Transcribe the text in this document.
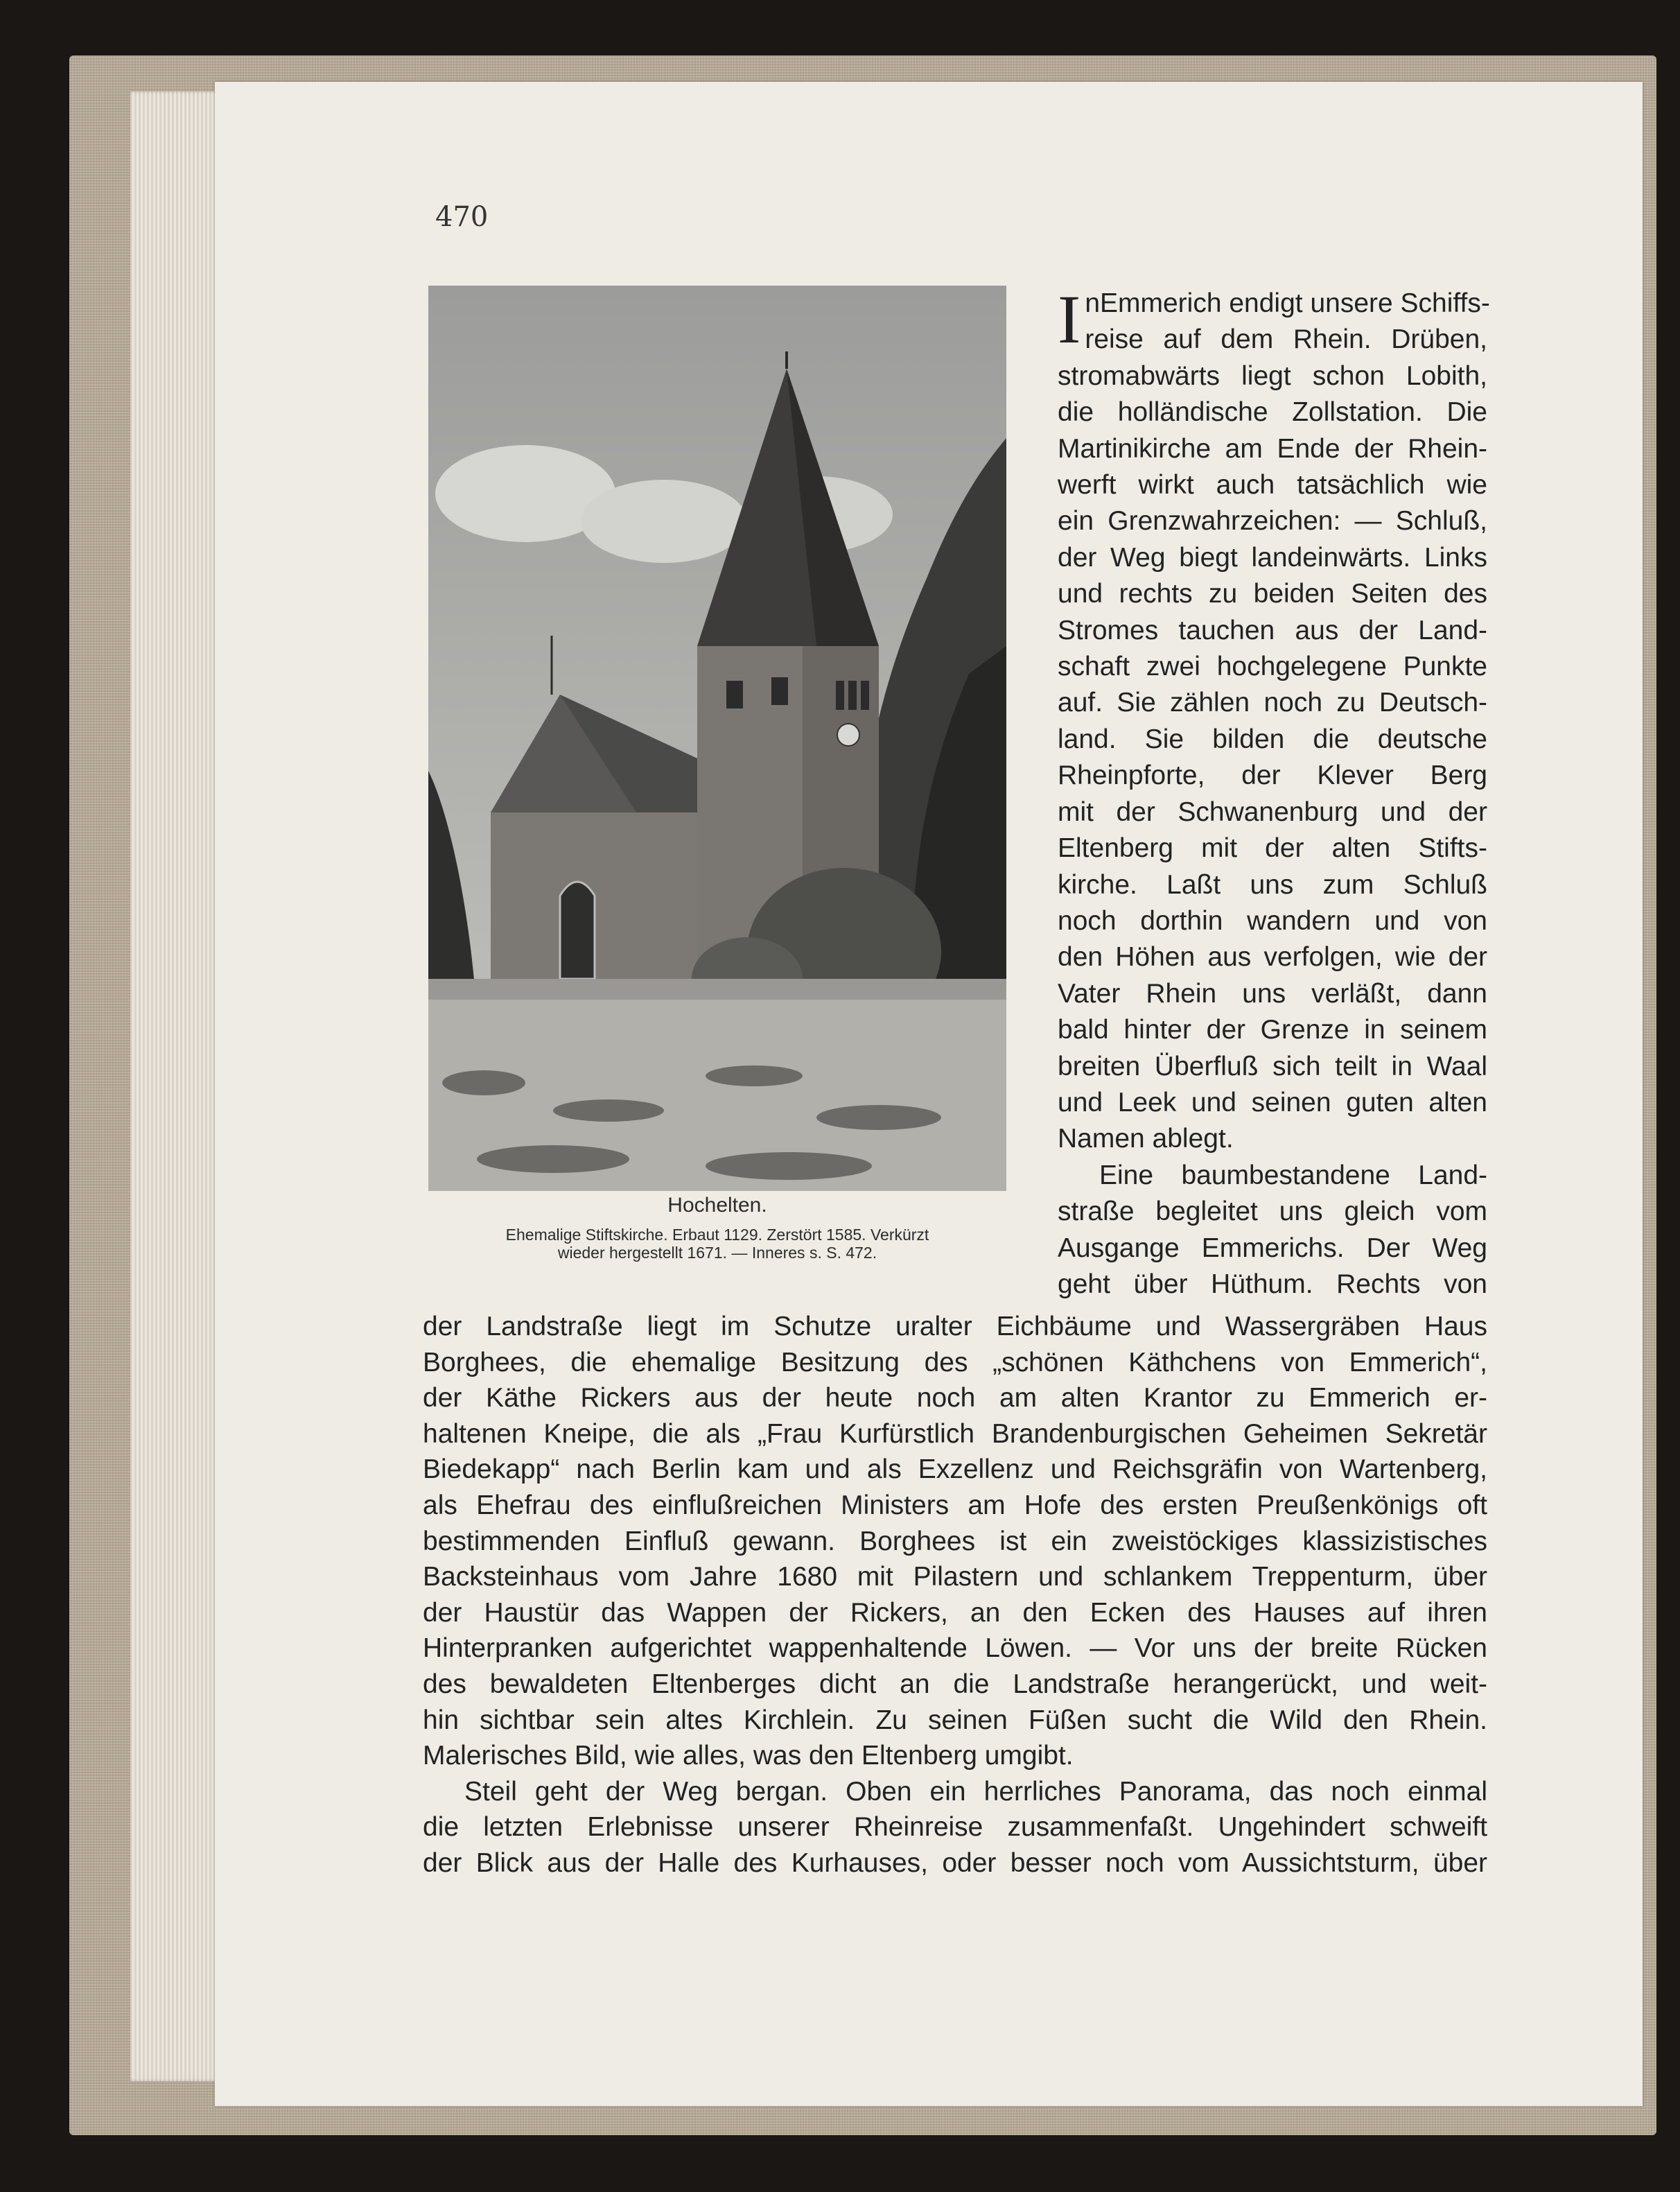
470
Hochelten.
Ehemalige Stiftskirche. Erbaut 1129. Zerstört 1585. Verkürzt
wieder hergestellt 1671. — Inneres s. S. 472.
I nEmmerich endigt unsere Schiffs-
reise auf dem Rhein. Drüben,
stromabwärts liegt schon Lobith,
die holländische Zollstation. Die
Martinikirche am Ende der Rhein-
werft wirkt auch tatsächlich wie
ein Grenzwahrzeichen: — Schluß,
der Weg biegt landeinwärts. Links
und rechts zu beiden Seiten des
Stromes tauchen aus der Land-
schaft zwei hochgelegene Punkte
auf. Sie zählen noch zu Deutsch-
land. Sie bilden die deutsche
Rheinpforte, der Klever Berg
mit der Schwanenburg und der
Eltenberg mit der alten Stifts-
kirche. Laßt uns zum Schluß
noch dorthin wandern und von
den Höhen aus verfolgen, wie der
Vater Rhein uns verläßt, dann
bald hinter der Grenze in seinem
breiten Überfluß sich teilt in Waal
und Leek und seinen guten alten
Namen ablegt.
Eine baumbestandene Land-
straße begleitet uns gleich vom
Ausgange Emmerichs. Der Weg
geht über Hüthum. Rechts von
der Landstraße liegt im Schutze uralter Eichbäume und Wassergräben Haus
Borghees, die ehemalige Besitzung des „schönen Käthchens von Emmerich“,
der Käthe Rickers aus der heute noch am alten Krantor zu Emmerich er-
haltenen Kneipe, die als „Frau Kurfürstlich Brandenburgischen Geheimen Sekretär
Biedekapp“ nach Berlin kam und als Exzellenz und Reichsgräfin von Wartenberg,
als Ehefrau des einflußreichen Ministers am Hofe des ersten Preußenkönigs oft
bestimmenden Einfluß gewann. Borghees ist ein zweistöckiges klassizistisches
Backsteinhaus vom Jahre 1680 mit Pilastern und schlankem Treppenturm, über
der Haustür das Wappen der Rickers, an den Ecken des Hauses auf ihren
Hinterpranken aufgerichtet wappenhaltende Löwen. — Vor uns der breite Rücken
des bewaldeten Eltenberges dicht an die Landstraße herangerückt, und weit-
hin sichtbar sein altes Kirchlein. Zu seinen Füßen sucht die Wild den Rhein.
Malerisches Bild, wie alles, was den Eltenberg umgibt.
Steil geht der Weg bergan. Oben ein herrliches Panorama, das noch einmal
die letzten Erlebnisse unserer Rheinreise zusammenfaßt. Ungehindert schweift
der Blick aus der Halle des Kurhauses, oder besser noch vom Aussichtsturm, über
